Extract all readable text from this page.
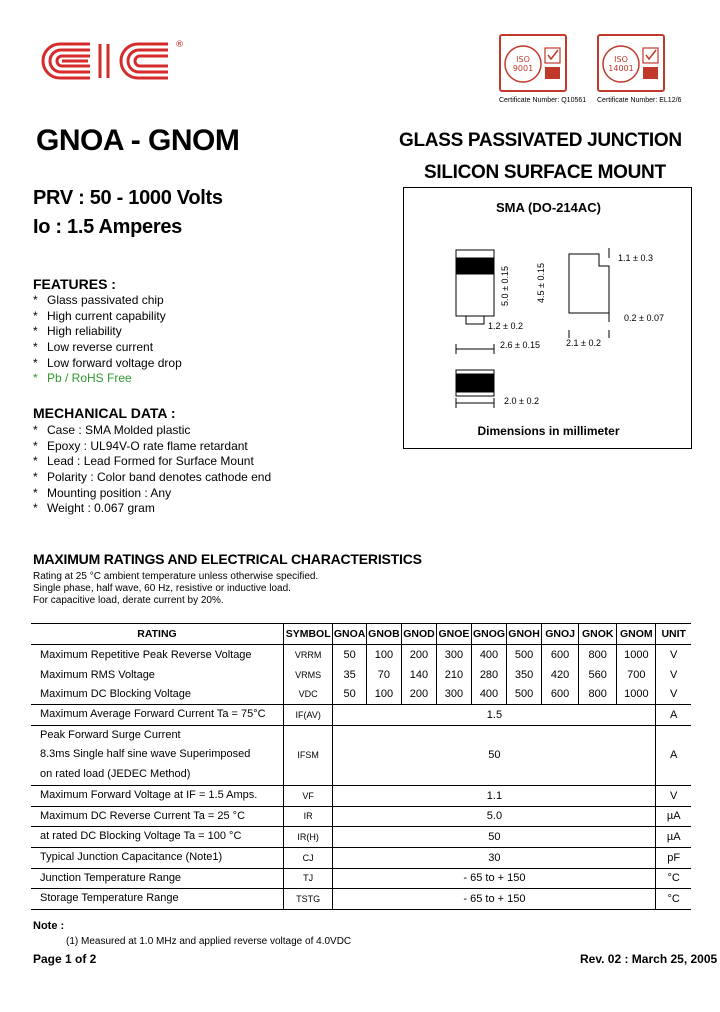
®
ISO
9001
Certificate Number: Q10561
ISO
14001
Certificate Number: EL12/6
GNOA - GNOM	GLASS PASSIVATED JUNCTION
SILICON SURFACE MOUNT
PRV : 50 - 1000 Volts
Io : 1.5 Amperes
FEATURES :
* Glass passivated chip
* High current capability
* High reliability
* Low reverse current
* Low forward voltage drop
* Pb / RoHS Free
MECHANICAL DATA :
* Case : SMA Molded plastic
* Epoxy : UL94V-O rate flame retardant
* Lead : Lead Formed for Surface Mount
* Polarity : Color band denotes cathode end
* Mounting position : Any
* Weight : 0.067 gram
SMA (DO-214AC)
5.0 ± 0.15	4.5 ± 0.15
1.1 ± 0.3
1.2 ± 0.2
2.6 ± 0.15	2.1 ± 0.2
0.2 ± 0.07
2.0 ± 0.2
Dimensions in millimeter
MAXIMUM RATINGS AND ELECTRICAL CHARACTERISTICS
Rating at 25 °C ambient temperature unless otherwise specified.
Single phase, half wave, 60 Hz, resistive or inductive load.
For capacitive load, derate current by 20%.
RATING	SYMBOL	GNOA	GNOB	GNOD	GNOE	GNOG	GNOH	GNOJ	GNOK	GNOM	UNIT
Maximum Repetitive Peak Reverse Voltage	VRRM	50	100	200	300	400	500	600	800	1000	V
Maximum RMS Voltage	VRMS	35	70	140	210	280	350	420	560	700	V
Maximum DC Blocking Voltage	VDC	50	100	200	300	400	500	600	800	1000	V

Maximum Average Forward Current Ta = 75°C	IF(AV)	1.5									A

Peak Forward Surge Current
8.3ms Single half sine wave Superimposed
on rated load (JEDEC Method)	IFSM	50									A

Maximum Forward Voltage at IF = 1.5 Amps.	VF	1.1									V

Maximum DC Reverse Current Ta = 25 °C	IR	5.0									µA

at rated DC Blocking Voltage Ta = 100 °C	IR(H)	50									µA

Typical Junction Capacitance (Note1)	CJ	30									pF

Junction Temperature Range	TJ	- 65 to + 150									°C

Storage Temperature Range	TSTG	- 65 to + 150									°C
Note :
(1) Measured at 1.0 MHz and applied reverse voltage of 4.0VDC
Page 1 of 2	Rev. 02 : March 25, 2005
